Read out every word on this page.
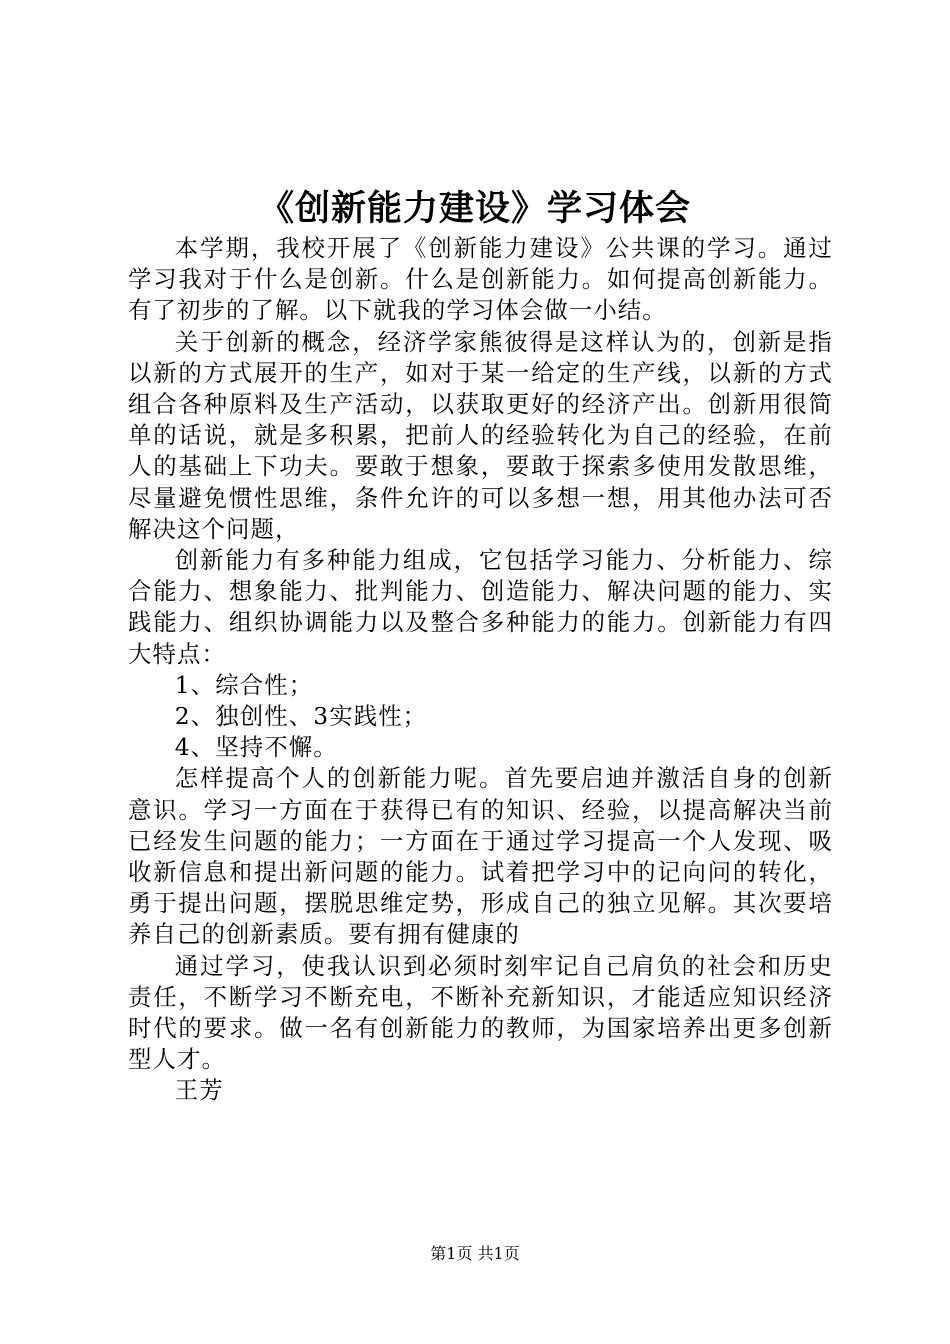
《创新能力建设》学习体会

本学期，我校开展了《创新能力建设》公共课的学习。通过学习我对于什么是创新。什么是创新能力。如何提高创新能力。有了初步的了解。以下就我的学习体会做一小结。

关于创新的概念，经济学家熊彼得是这样认为的，创新是指以新的方式展开的生产，如对于某一给定的生产线，以新的方式组合各种原料及生产活动，以获取更好的经济产出。创新用很简单的话说，就是多积累，把前人的经验转化为自己的经验，在前人的基础上下功夫。要敢于想象，要敢于探索多使用发散思维，尽量避免惯性思维，条件允许的可以多想一想，用其他办法可否解决这个问题，

创新能力有多种能力组成，它包括学习能力、分析能力、综合能力、想象能力、批判能力、创造能力、解决问题的能力、实践能力、组织协调能力以及整合多种能力的能力。创新能力有四大特点：

1、综合性；

2、独创性、3实践性；

4、坚持不懈。

怎样提高个人的创新能力呢。首先要启迪并激活自身的创新意识。学习一方面在于获得已有的知识、经验，以提高解决当前已经发生问题的能力；一方面在于通过学习提高一个人发现、吸收新信息和提出新问题的能力。试着把学习中的记向问的转化，勇于提出问题，摆脱思维定势，形成自己的独立见解。其次要培养自己的创新素质。要有拥有健康的

通过学习，使我认识到必须时刻牢记自己肩负的社会和历史责任，不断学习不断充电，不断补充新知识，才能适应知识经济时代的要求。做一名有创新能力的教师，为国家培养出更多创新型人才。

王芳

第1页 共1页
